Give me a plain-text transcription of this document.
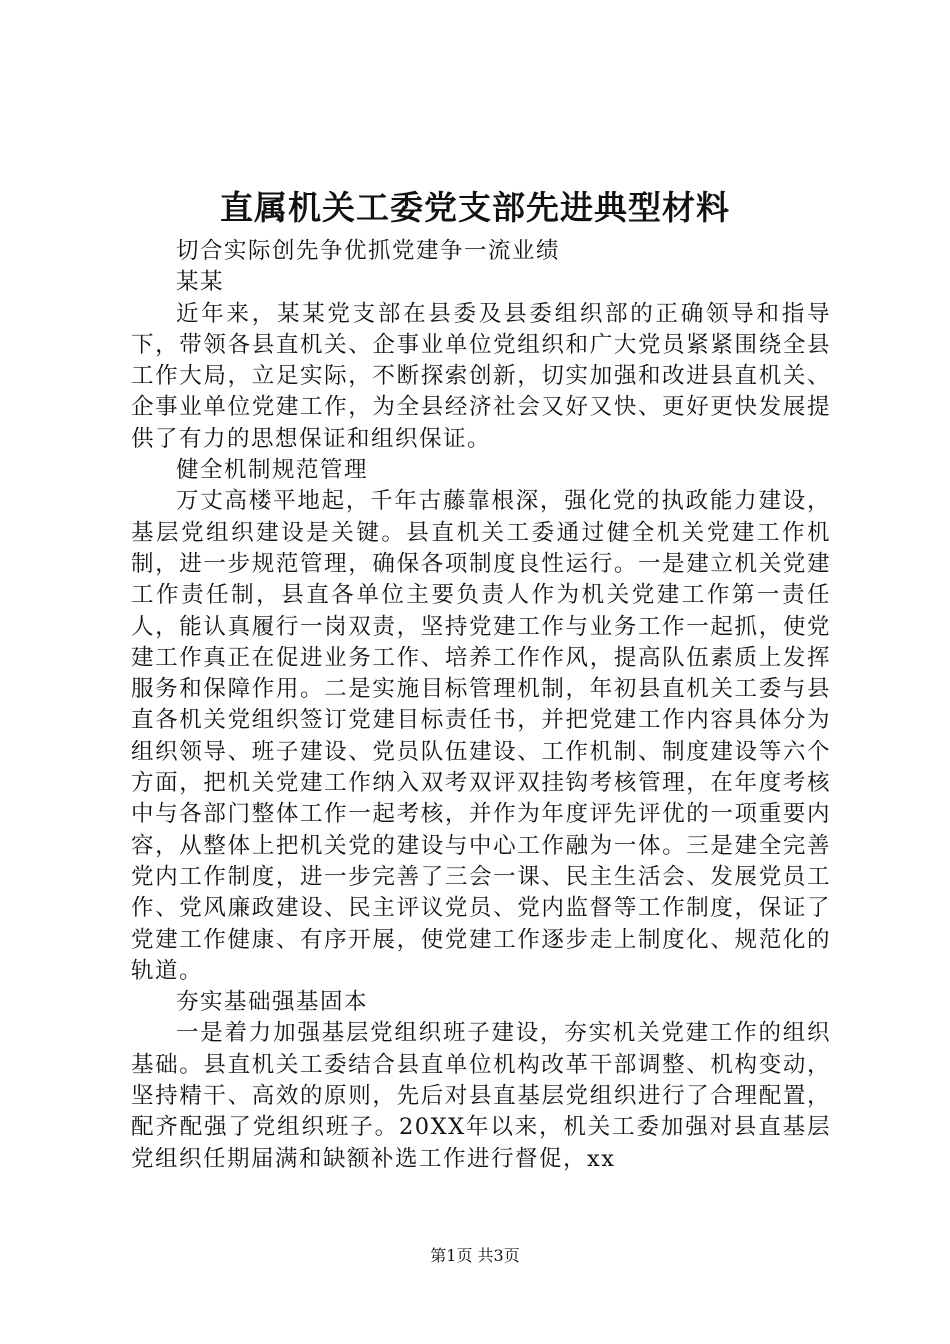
直属机关工委党支部先进典型材料

切合实际创先争优抓党建争一流业绩

某某

近年来，某某党支部在县委及县委组织部的正确领导和指导下，带领各县直机关、企事业单位党组织和广大党员紧紧围绕全县工作大局，立足实际，不断探索创新，切实加强和改进县直机关、企事业单位党建工作，为全县经济社会又好又快、更好更快发展提供了有力的思想保证和组织保证。

健全机制规范管理

万丈高楼平地起，千年古藤靠根深，强化党的执政能力建设，基层党组织建设是关键。县直机关工委通过健全机关党建工作机制，进一步规范管理，确保各项制度良性运行。一是建立机关党建工作责任制，县直各单位主要负责人作为机关党建工作第一责任人，能认真履行一岗双责，坚持党建工作与业务工作一起抓，使党建工作真正在促进业务工作、培养工作作风，提高队伍素质上发挥服务和保障作用。二是实施目标管理机制，年初县直机关工委与县直各机关党组织签订党建目标责任书，并把党建工作内容具体分为组织领导、班子建设、党员队伍建设、工作机制、制度建设等六个方面，把机关党建工作纳入双考双评双挂钩考核管理，在年度考核中与各部门整体工作一起考核，并作为年度评先评优的一项重要内容，从整体上把机关党的建设与中心工作融为一体。三是建全完善党内工作制度，进一步完善了三会一课、民主生活会、发展党员工作、党风廉政建设、民主评议党员、党内监督等工作制度，保证了党建工作健康、有序开展，使党建工作逐步走上制度化、规范化的轨道。

夯实基础强基固本

一是着力加强基层党组织班子建设，夯实机关党建工作的组织基础。县直机关工委结合县直单位机构改革干部调整、机构变动，坚持精干、高效的原则，先后对县直基层党组织进行了合理配置，配齐配强了党组织班子。20XX年以来，机关工委加强对县直基层党组织任期届满和缺额补选工作进行督促，xx

第1页 共3页
